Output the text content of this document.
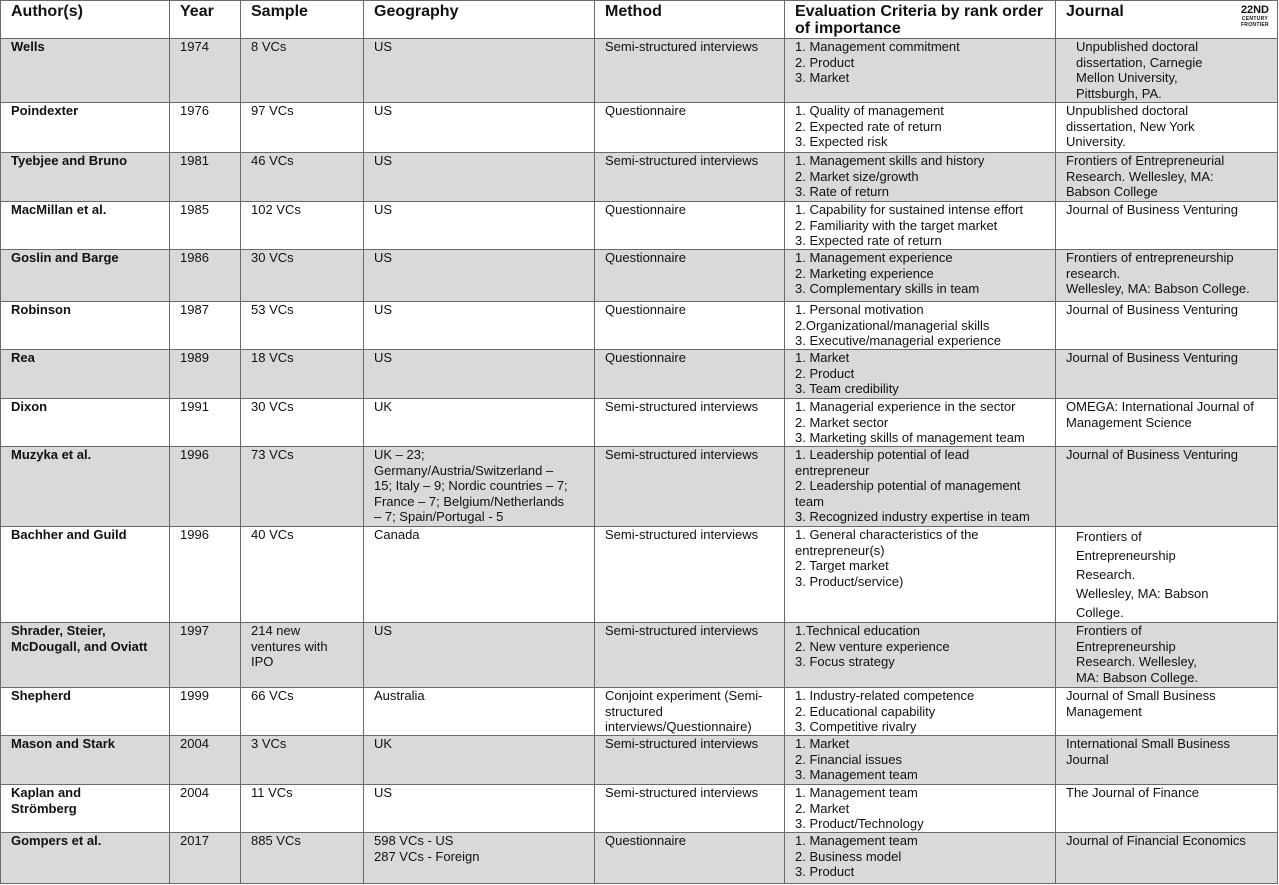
Author(s)	Year	Sample	Geography	Method	Evaluation Criteria by rank order of importance	Journal 22ND
CENTURY
FRONTIER

Wells	1974	8 VCs	US	Semi-structured interviews	1. Management commitment
2. Product
3. Market	Unpublished doctoral
dissertation, Carnegie
Mellon University,
Pittsburgh, PA.
Poindexter	1976	97 VCs	US	Questionnaire	1. Quality of management
2. Expected rate of return
3. Expected risk	Unpublished doctoral
dissertation, New York
University.
Tyebjee and Bruno	1981	46 VCs	US	Semi-structured interviews	1. Management skills and history
2. Market size/growth
3. Rate of return	Frontiers of Entrepreneurial
Research. Wellesley, MA:
Babson College
MacMillan et al.	1985	102 VCs	US	Questionnaire	1. Capability for sustained intense effort
2. Familiarity with the target market
3. Expected rate of return	Journal of Business Venturing
Goslin and Barge	1986	30 VCs	US	Questionnaire	1. Management experience
2. Marketing experience
3. Complementary skills in team	Frontiers of entrepreneurship
research.
Wellesley, MA: Babson College.
Robinson	1987	53 VCs	US	Questionnaire	1. Personal motivation
2.Organizational/managerial skills
3. Executive/managerial experience	Journal of Business Venturing
Rea	1989	18 VCs	US	Questionnaire	1. Market
2. Product
3. Team credibility	Journal of Business Venturing
Dixon	1991	30 VCs	UK	Semi-structured interviews	1. Managerial experience in the sector
2. Market sector
3. Marketing skills of management team	OMEGA: International Journal of
Management Science
Muzyka et al.	1996	73 VCs	UK – 23;
Germany/Austria/Switzerland –
15; Italy – 9; Nordic countries – 7;
France – 7; Belgium/Netherlands
– 7; Spain/Portugal - 5	Semi-structured interviews	1. Leadership potential of lead
entrepreneur
2. Leadership potential of management
team
3. Recognized industry expertise in team	Journal of Business Venturing
Bachher and Guild	1996	40 VCs	Canada	Semi-structured interviews	1. General characteristics of the
entrepreneur(s)
2. Target market
3. Product/service)	Frontiers of
Entrepreneurship
Research.
Wellesley, MA: Babson
College.
Shrader, Steier,
McDougall, and Oviatt	1997	214 new
ventures with
IPO	US	Semi-structured interviews	1.Technical education
2. New venture experience
3. Focus strategy	Frontiers of
Entrepreneurship
Research. Wellesley,
MA: Babson College.
Shepherd	1999	66 VCs	Australia	Conjoint experiment (Semi-
structured
interviews/Questionnaire)	1. Industry-related competence
2. Educational capability
3. Competitive rivalry	Journal of Small Business
Management
Mason and Stark	2004	3 VCs	UK	Semi-structured interviews	1. Market
2. Financial issues
3. Management team	International Small Business
Journal
Kaplan and
Strömberg	2004	11 VCs	US	Semi-structured interviews	1. Management team
2. Market
3. Product/Technology	The Journal of Finance
Gompers et al.	2017	885 VCs	598 VCs - US
287 VCs - Foreign	Questionnaire	1. Management team
2. Business model
3. Product	Journal of Financial Economics
